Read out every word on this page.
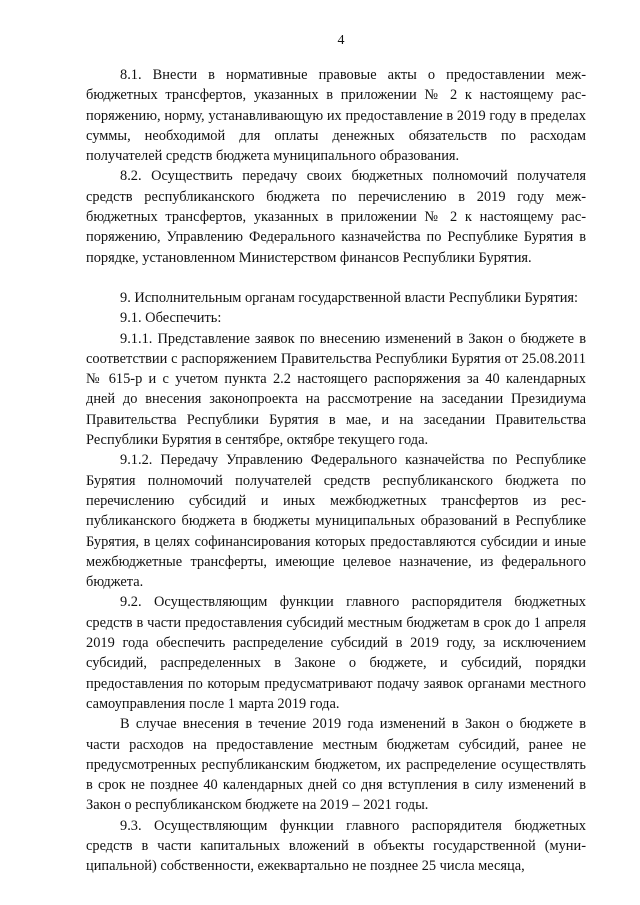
4

8.1. Внести в нормативные правовые акты о предоставлении межбюджетных трансфертов, указанных в приложении № 2 к настоящему распоряжению, норму, устанавливающую их предоставление в 2019 году в пределах суммы, необходимой для оплаты денежных обязательств по расходам получателей средств бюджета муниципального образования.

8.2. Осуществить передачу своих бюджетных полномочий получателя средств республиканского бюджета по перечислению в 2019 году межбюджетных трансфертов, указанных в приложении № 2 к настоящему распоряжению, Управлению Федерального казначейства по Республике Бурятия в порядке, установленном Министерством финансов Республики Бурятия.

9. Исполнительным органам государственной власти Республики Бурятия:

9.1. Обеспечить:

9.1.1. Представление заявок по внесению изменений в Закон о бюджете в соответствии с распоряжением Правительства Республики Бурятия от 25.08.2011 № 615-р и с учетом пункта 2.2 настоящего распоряжения за 40 календарных дней до внесения законопроекта на рассмотрение на заседании Президиума Правительства Республики Бурятия в мае, и на заседании Правительства Республики Бурятия в сентябре, октябре текущего года.

9.1.2. Передачу Управлению Федерального казначейства по Республике Бурятия полномочий получателей средств республиканского бюджета по перечислению субсидий и иных межбюджетных трансфертов из республиканского бюджета в бюджеты муниципальных образований в Республике Бурятия, в целях софинансирования которых предоставляются субсидии и иные межбюджетные трансферты, имеющие целевое назначение, из федерального бюджета.

9.2. Осуществляющим функции главного распорядителя бюджетных средств в части предоставления субсидий местным бюджетам в срок до 1 апреля 2019 года обеспечить распределение субсидий в 2019 году, за исключением субсидий, распределенных в Законе о бюджете, и субсидий, порядки предоставления по которым предусматривают подачу заявок органами местного самоуправления после 1 марта 2019 года.

В случае внесения в течение 2019 года изменений в Закон о бюджете в части расходов на предоставление местным бюджетам субсидий, ранее не предусмотренных республиканским бюджетом, их распределение осуществлять в срок не позднее 40 календарных дней со дня вступления в силу изменений в Закон о республиканском бюджете на 2019 – 2021 годы.

9.3. Осуществляющим функции главного распорядителя бюджетных средств в части капитальных вложений в объекты государственной (муниципальной) собственности, ежеквартально не позднее 25 числа месяца,
